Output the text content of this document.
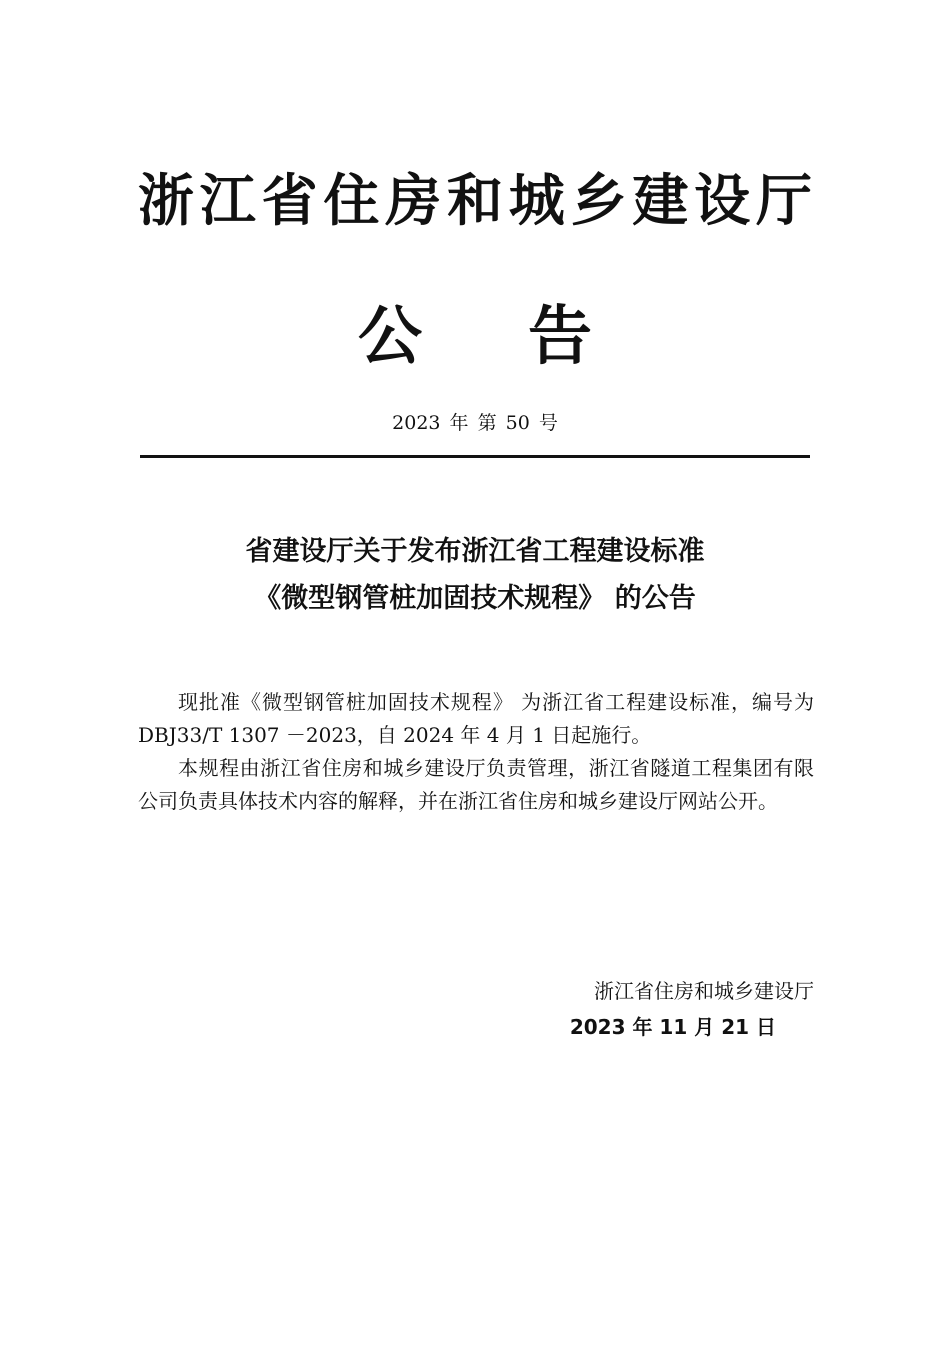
浙 江 省 住 房 和 城 乡 建 设 厅
公 告
2023 年 第 50 号
省建设厅关于发布浙江省工程建设标准
《微型钢管桩加固技术规程》 的公告

现批准《微型钢管桩加固技术规程》 为浙江省工程建设标准，编号为 DBJ33/T 1307 －2023，自 2024 年 4 月 1 日起施行。

本规程由浙江省住房和城乡建设厅负责管理，浙江省隧道工程集团有限公司负责具体技术内容的解释，并在浙江省住房和城乡建设厅网站公开。

浙江省住房和城乡建设厅
2023 年 11 月 21 日
